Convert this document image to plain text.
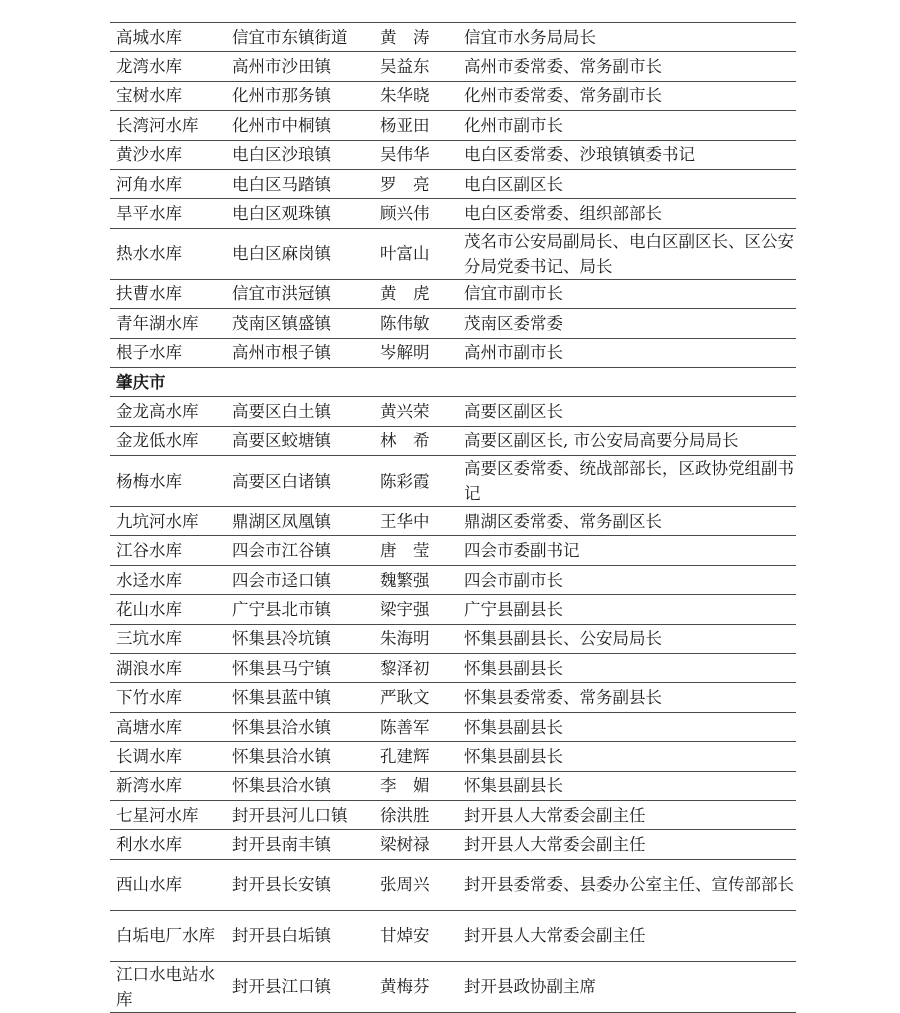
高城水库	信宜市东镇街道	黄　涛	信宜市水务局局长
龙湾水库	高州市沙田镇	吴益东	高州市委常委、常务副市长
宝树水库	化州市那务镇	朱华晓	化州市委常委、常务副市长
长湾河水库	化州市中桐镇	杨亚田	化州市副市长
黄沙水库	电白区沙琅镇	吴伟华	电白区委常委、沙琅镇镇委书记
河角水库	电白区马踏镇	罗　亮	电白区副区长
旱平水库	电白区观珠镇	顾兴伟	电白区委常委、组织部部长
热水水库	电白区麻岗镇	叶富山	茂名市公安局副局长、电白区副区长、区公安分局党委书记、局长
扶曹水库	信宜市洪冠镇	黄　虎	信宜市副市长
青年湖水库	茂南区镇盛镇	陈伟敏	茂南区委常委
根子水库	高州市根子镇	岑解明	高州市副市长
肇庆市			
金龙高水库	高要区白土镇	黄兴荣	高要区副区长
金龙低水库	高要区蛟塘镇	林　希	高要区副区长, 市公安局高要分局局长
杨梅水库	高要区白诸镇	陈彩霞	高要区委常委、统战部部长，区政协党组副书记
九坑河水库	鼎湖区凤凰镇	王华中	鼎湖区委常委、常务副区长
江谷水库	四会市江谷镇	唐　莹	四会市委副书记
水迳水库	四会市迳口镇	魏繁强	四会市副市长
花山水库	广宁县北市镇	梁宇强	广宁县副县长
三坑水库	怀集县冷坑镇	朱海明	怀集县副县长、公安局局长
湖浪水库	怀集县马宁镇	黎泽初	怀集县副县长
下竹水库	怀集县蓝中镇	严耿文	怀集县委常委、常务副县长
高塘水库	怀集县洽水镇	陈善军	怀集县副县长
长调水库	怀集县洽水镇	孔建辉	怀集县副县长
新湾水库	怀集县洽水镇	李　媚	怀集县副县长
七星河水库	封开县河儿口镇	徐洪胜	封开县人大常委会副主任
利水水库	封开县南丰镇	梁树禄	封开县人大常委会副主任
西山水库	封开县长安镇	张周兴	封开县委常委、县委办公室主任、宣传部部长
白垢电厂水库	封开县白垢镇	甘焯安	封开县人大常委会副主任
江口水电站水库	封开县江口镇	黄梅芬	封开县政协副主席
